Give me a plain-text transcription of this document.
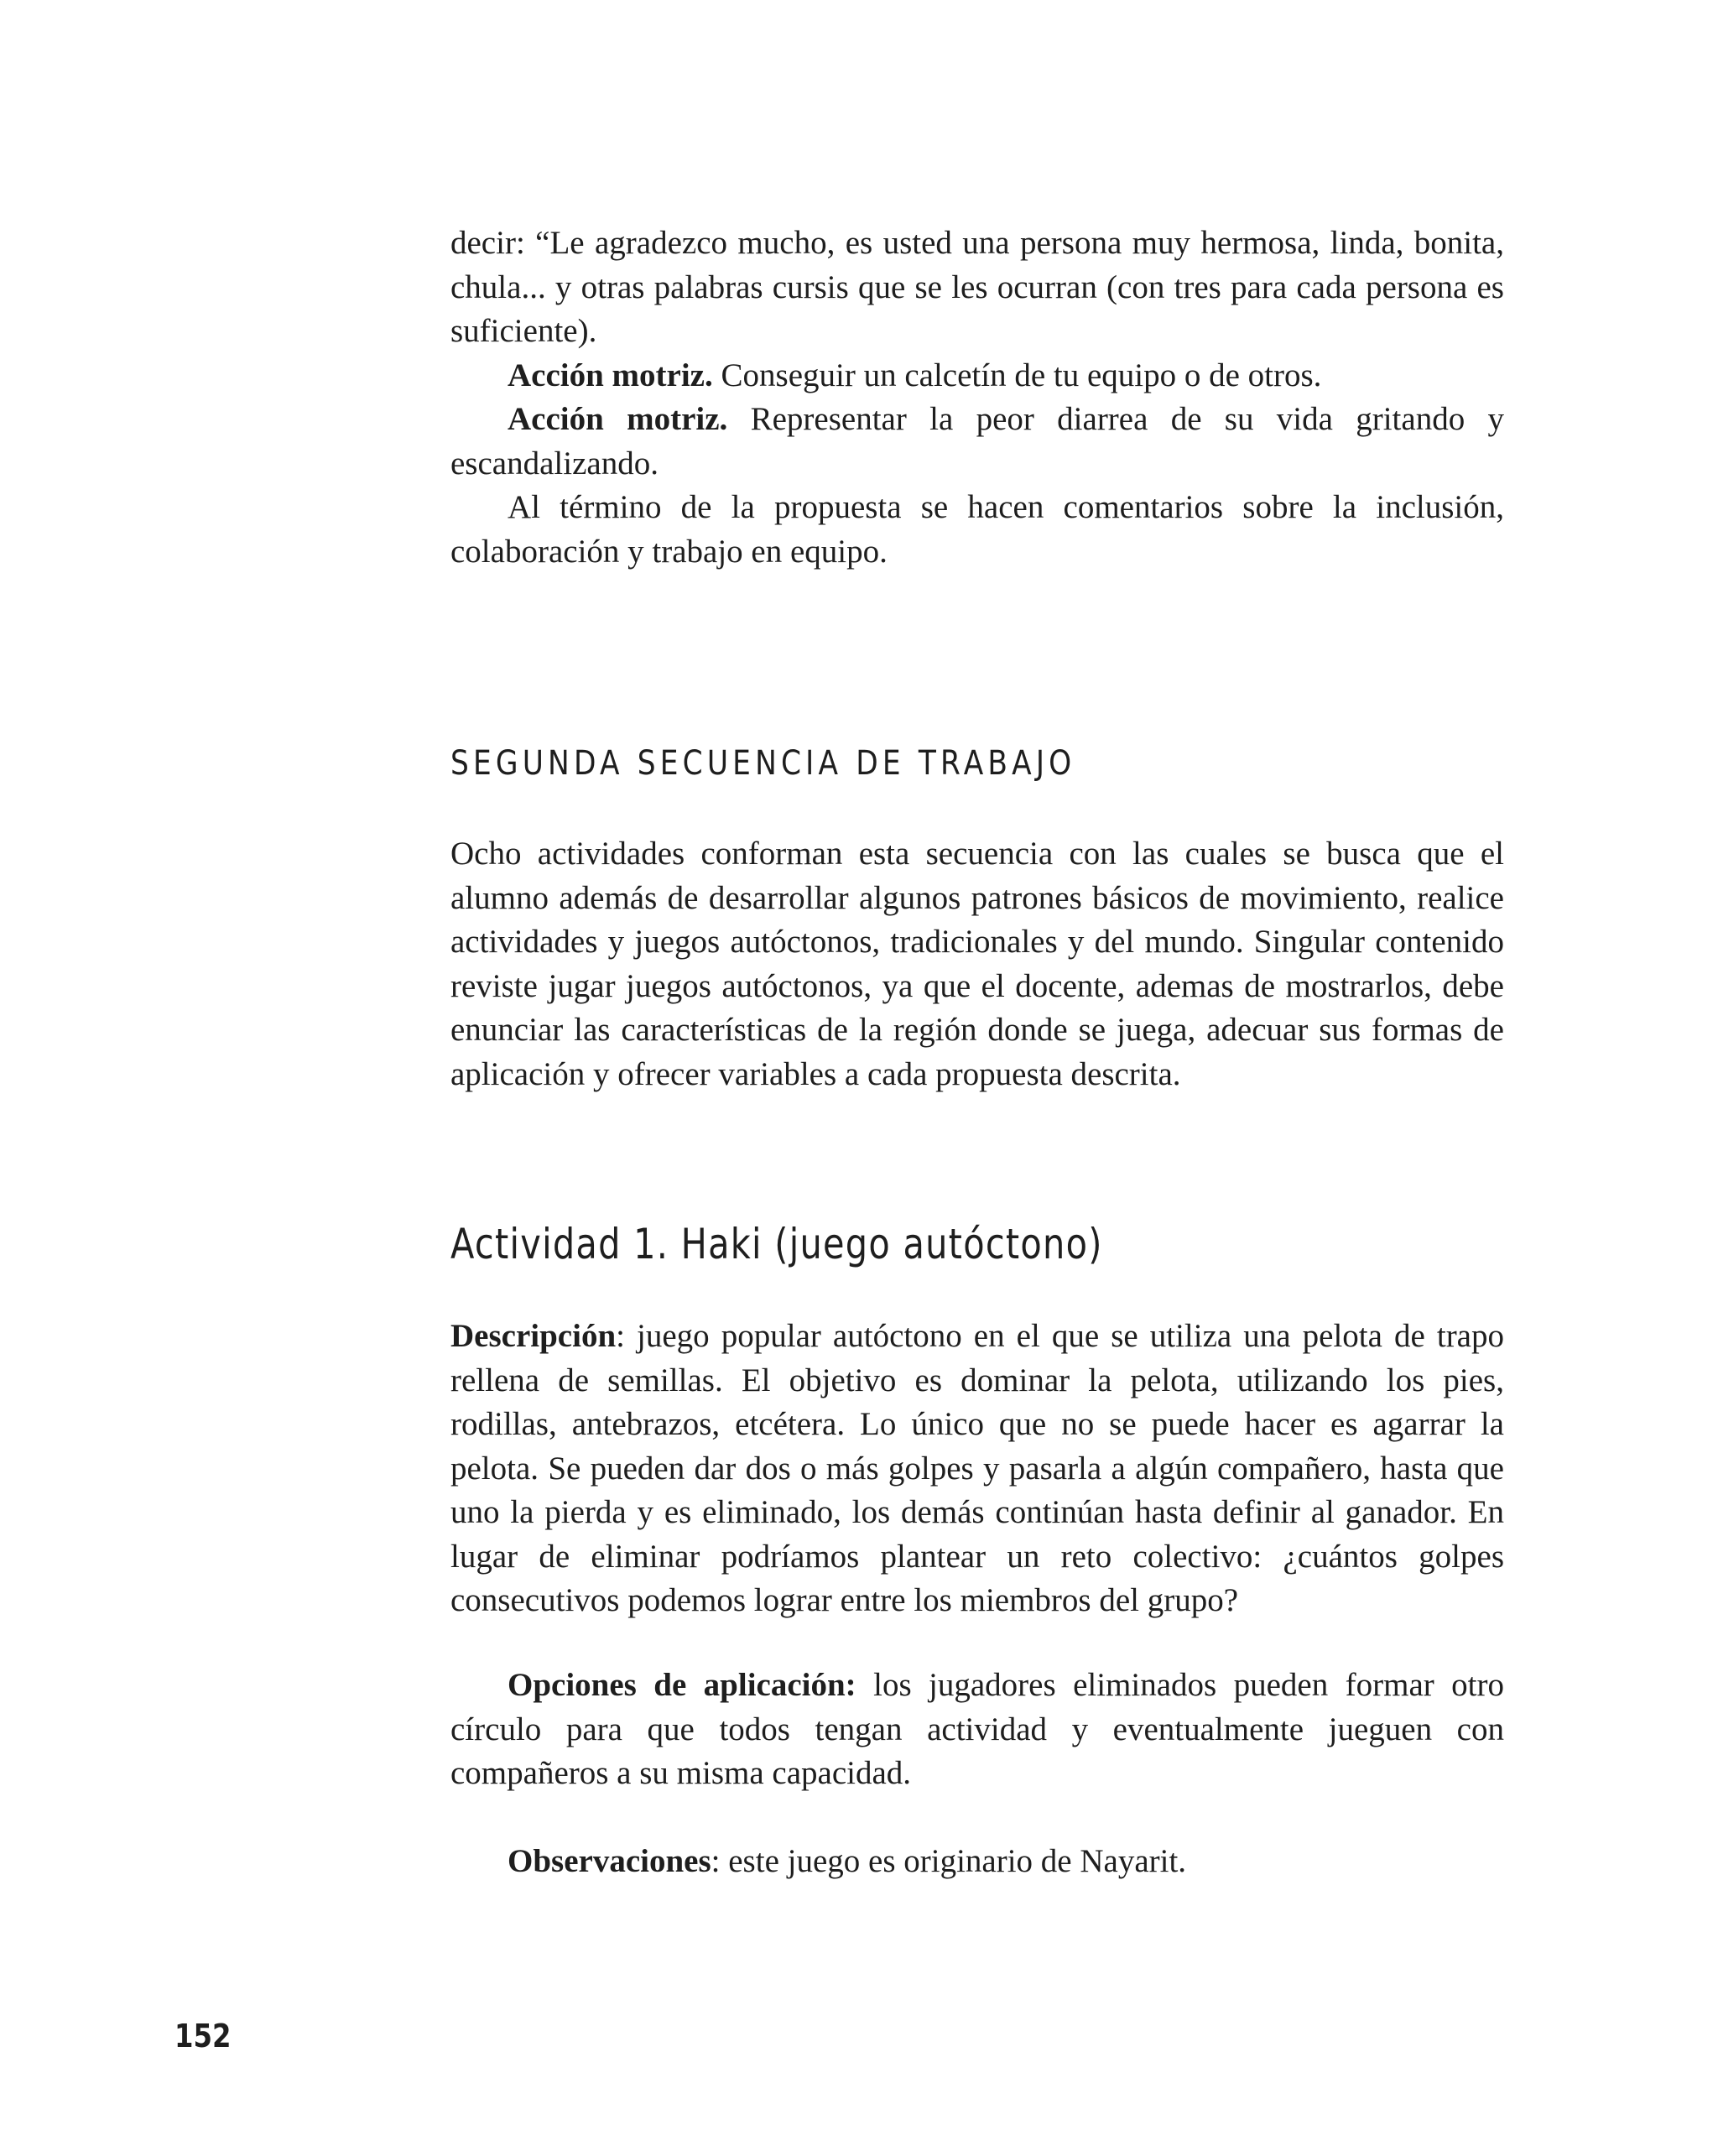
decir: “Le agradezco mucho, es usted una persona muy hermosa, linda, bonita, chula... y otras palabras cursis que se les ocurran (con tres para cada persona es suficiente).

Acción motriz. Conseguir un calcetín de tu equipo o de otros.

Acción motriz. Representar la peor diarrea de su vida gritando y escandalizando.

Al término de la propuesta se hacen comentarios sobre la inclusión, colaboración y trabajo en equipo.

SEGUNDA SECUENCIA DE TRABAJO

Ocho actividades conforman esta secuencia con las cuales se busca que el alumno además de desarrollar algunos patrones básicos de movimiento, realice actividades y juegos autóctonos, tradicionales y del mundo. Singular contenido reviste jugar juegos autóctonos, ya que el docente, ademas de mostrarlos, debe enunciar las características de la región donde se juega, adecuar sus formas de aplicación y ofrecer variables a cada propuesta descrita.

Actividad 1. Haki (juego autóctono)

Descripción: juego popular autóctono en el que se utiliza una pelota de trapo rellena de semillas. El objetivo es dominar la pelota, utilizando los pies, rodillas, antebrazos, etcétera. Lo único que no se puede hacer es agarrar la pelota. Se pueden dar dos o más golpes y pasarla a algún compañero, hasta que uno la pierda y es eliminado, los demás continúan hasta definir al ganador. En lugar de eliminar podríamos plantear un reto colectivo: ¿cuántos golpes consecutivos podemos lograr entre los miembros del grupo?

Opciones de aplicación: los jugadores eliminados pueden formar otro círculo para que todos tengan actividad y eventualmente jueguen con compañeros a su misma capacidad.

Observaciones: este juego es originario de Nayarit.

152
